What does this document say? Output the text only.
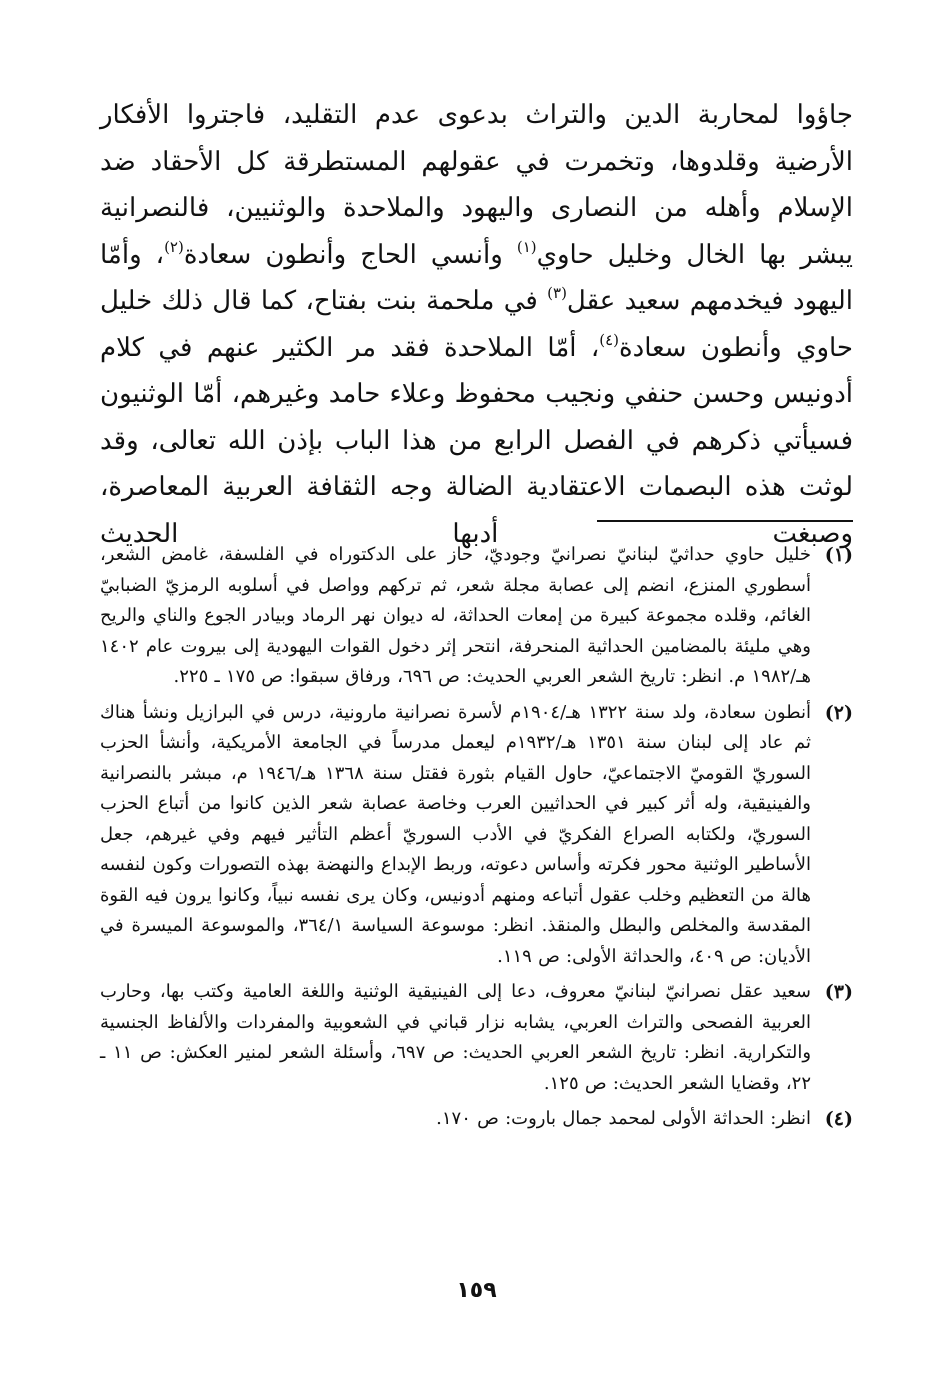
جاؤوا لمحاربة الدين والتراث بدعوى عدم التقليد، فاجتروا الأفكار الأرضية وقلدوها، وتخمرت في عقولهم المستطرقة كل الأحقاد ضد الإسلام وأهله من النصارى واليهود والملاحدة والوثنيين، فالنصرانية يبشر بها الخال وخليل حاوي$^{(١)}$ وأنسي الحاج وأنطون سعادة$^{(٢)}$، وأمّا اليهود فيخدمهم سعيد عقل$^{(٣)}$ في ملحمة بنت بفتاح، كما قال ذلك خليل حاوي وأنطون سعادة$^{(٤)}$، أمّا الملاحدة فقد مر الكثير عنهم في كلام أدونيس وحسن حنفي ونجيب محفوظ وعلاء حامد وغيرهم، أمّا الوثنيون فسيأتي ذكرهم في الفصل الرابع من هذا الباب بإذن الله تعالى، وقد لوثت هذه البصمات الاعتقادية الضالة وجه الثقافة العربية المعاصرة، وصبغت أدبها الحديث

(١)
خليل حاوي حداثيّ لبنانيّ نصرانيّ وجوديّ، حاز على الدكتوراه في الفلسفة، غامض الشعر، أسطوري المنزع، انضم إلى عصابة مجلة شعر، ثم تركهم وواصل في أسلوبه الرمزيّ الضبابيّ الغائم، وقلده مجموعة كبيرة من إمعات الحداثة، له ديوان نهر الرماد وبيادر الجوع والناي والريح وهي مليئة بالمضامين الحداثية المنحرفة، انتحر إثر دخول القوات اليهودية إلى بيروت عام ١٤٠٢ هـ/١٩٨٢ م. انظر: تاريخ الشعر العربي الحديث: ص ٦٩٦، ورفاق سبقوا: ص ١٧٥ ـ ٢٢٥.
(٢)
أنطون سعادة، ولد سنة ١٣٢٢ هـ/١٩٠٤م لأسرة نصرانية مارونية، درس في البرازيل ونشأ هناك ثم عاد إلى لبنان سنة ١٣٥١ هـ/١٩٣٢م ليعمل مدرساً في الجامعة الأمريكية، وأنشأ الحزب السوريّ القوميّ الاجتماعيّ، حاول القيام بثورة فقتل سنة ١٣٦٨ هـ/١٩٤٦ م، مبشر بالنصرانية والفينيقية، وله أثر كبير في الحداثيين العرب وخاصة عصابة شعر الذين كانوا من أتباع الحزب السوريّ، ولكتابه الصراع الفكريّ في الأدب السوريّ أعظم التأثير فيهم وفي غيرهم، جعل الأساطير الوثنية محور فكرته وأساس دعوته، وربط الإبداع والنهضة بهذه التصورات وكون لنفسه هالة من التعظيم وخلب عقول أتباعه ومنهم أدونيس، وكان يرى نفسه نبياً، وكانوا يرون فيه القوة المقدسة والمخلص والبطل والمنقذ. انظر: موسوعة السياسة ٣٦٤/١، والموسوعة الميسرة في الأديان: ص ٤٠٩، والحداثة الأولى: ص ١١٩.
(٣)
سعيد عقل نصرانيّ لبنانيّ معروف، دعا إلى الفينيقية الوثنية واللغة العامية وكتب بها، وحارب العربية الفصحى والتراث العربي، يشابه نزار قباني في الشعوبية والمفردات والألفاظ الجنسية والتكرارية. انظر: تاريخ الشعر العربي الحديث: ص ٦٩٧، وأسئلة الشعر لمنير العكش: ص ١١ ـ ٢٢، وقضايا الشعر الحديث: ص ١٢٥.
(٤)
انظر: الحداثة الأولى لمحمد جمال باروت: ص ١٧٠.
١٥٩
